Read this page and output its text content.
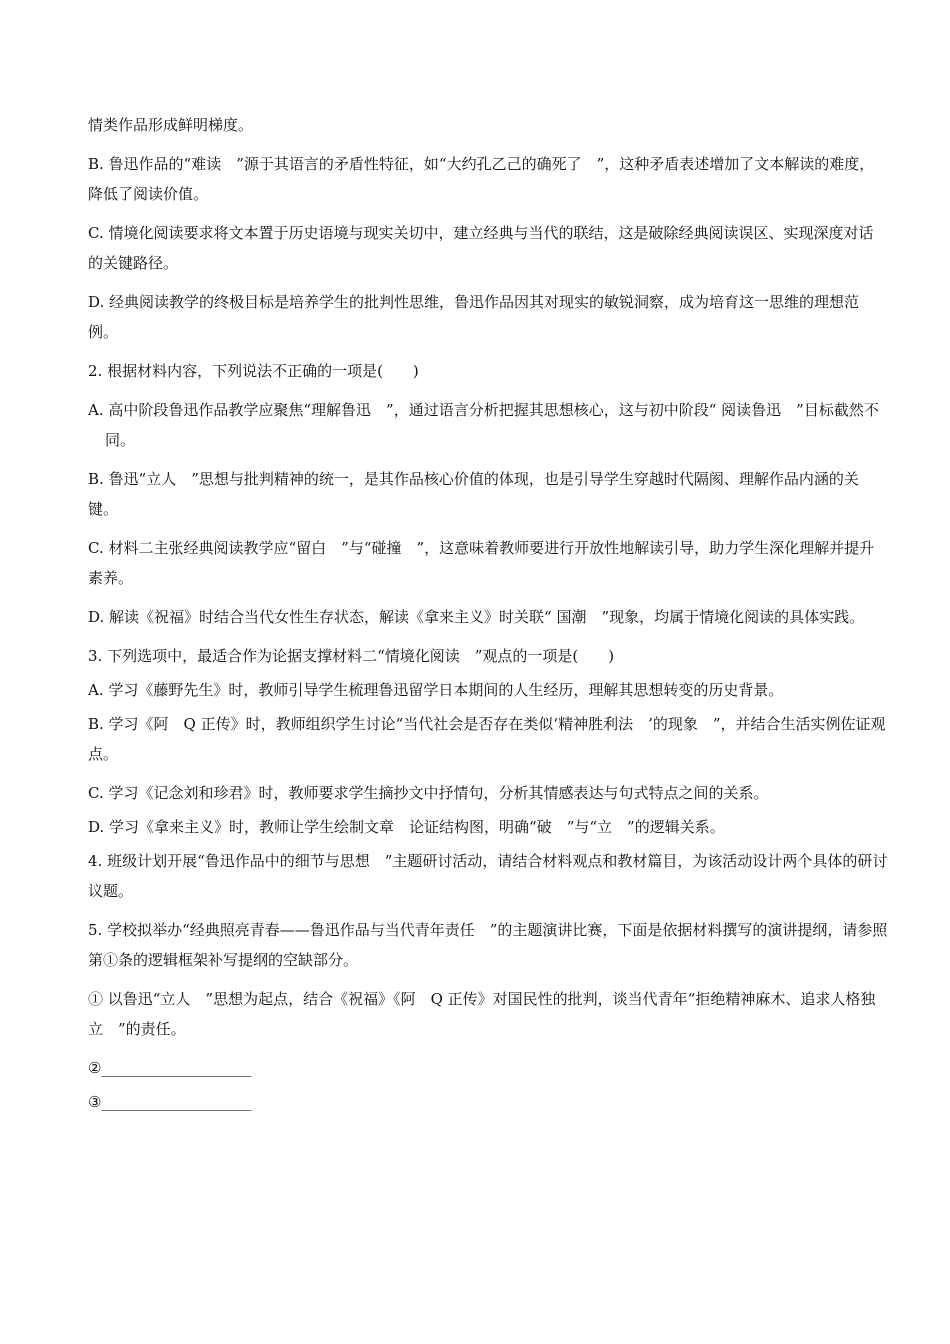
情类作品形成鲜明梯度。

B. 鲁迅作品的“难读　”源于其语言的矛盾性特征，如“大约孔乙己的确死了　”，这种矛盾表述增加了文本解读的难度，降低了阅读价值。

C. 情境化阅读要求将文本置于历史语境与现实关切中，建立经典与当代的联结，这是破除经典阅读误区、实现深度对话的关键路径。

D. 经典阅读教学的终极目标是培养学生的批判性思维，鲁迅作品因其对现实的敏锐洞察，成为培育这一思维的理想范例。

2. 根据材料内容，下列说法不正确的一项是(　　)

A. 高中阶段鲁迅作品教学应聚焦“理解鲁迅　”，通过语言分析把握其思想核心，这与初中阶段“ 阅读鲁迅　”目标截然不同。

B. 鲁迅“立人　”思想与批判精神的统一，是其作品核心价值的体现，也是引导学生穿越时代隔阂、理解作品内涵的关键。

C. 材料二主张经典阅读教学应“留白　”与“碰撞　”，这意味着教师要进行开放性地解读引导，助力学生深化理解并提升素养。

D. 解读《祝福》时结合当代女性生存状态，解读《拿来主义》时关联“ 国潮　”现象，均属于情境化阅读的具体实践。

3. 下列选项中，最适合作为论据支撑材料二“情境化阅读　”观点的一项是(　　)

A. 学习《藤野先生》时，教师引导学生梳理鲁迅留学日本期间的人生经历，理解其思想转变的历史背景。

B. 学习《阿　Q 正传》时，教师组织学生讨论“当代社会是否存在类似‘精神胜利法　’的现象　”，并结合生活实例佐证观点。

C. 学习《记念刘和珍君》时，教师要求学生摘抄文中抒情句，分析其情感表达与句式特点之间的关系。

D. 学习《拿来主义》时，教师让学生绘制文章　论证结构图，明确“破　”与“立　”的逻辑关系。

4. 班级计划开展“鲁迅作品中的细节与思想　”主题研讨活动，请结合材料观点和教材篇目，为该活动设计两个具体的研讨议题。

5. 学校拟举办“经典照亮青春——鲁迅作品与当代青年责任　”的主题演讲比赛，下面是依据材料撰写的演讲提纲，请参照第①条的逻辑框架补写提纲的空缺部分。

① 以鲁迅“立人　”思想为起点，结合《祝福》《阿　Q 正传》对国民性的批判，谈当代青年“拒绝精神麻木、追求人格独立　”的责任。

②____________________

③____________________
